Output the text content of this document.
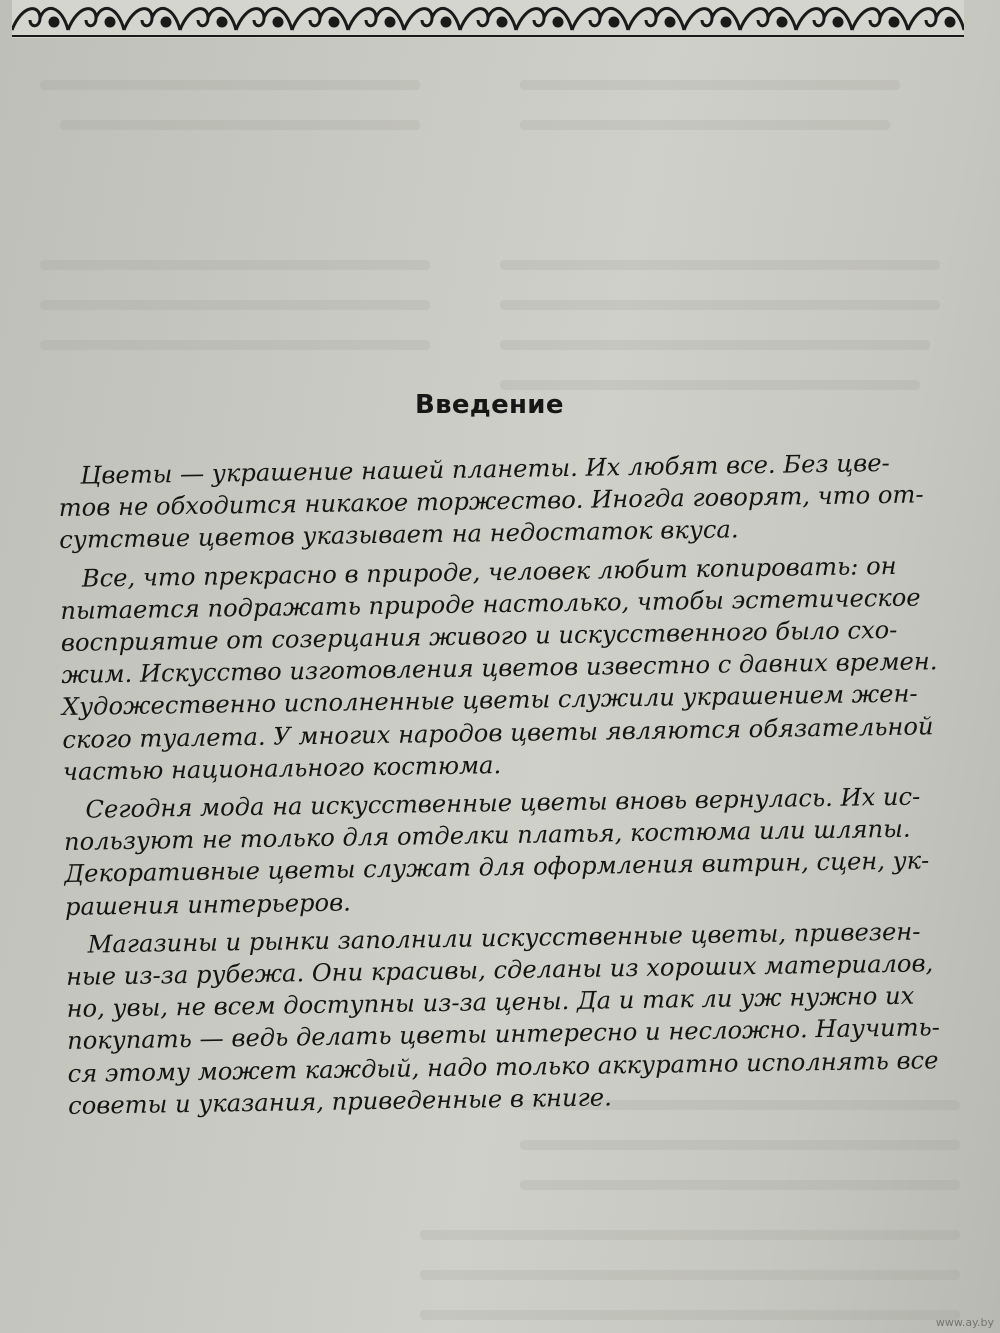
Введение

Цветы — украшение нашей планеты. Их любят все. Без цве-
тов не обходится никакое торжество. Иногда говорят, что от-
сутствие цветов указывает на недостаток вкуса.

Все, что прекрасно в природе, человек любит копировать: он
пытается подражать природе настолько, чтобы эстетическое
восприятие от созерцания живого и искусственного было схо-
жим. Искусство изготовления цветов известно с давних времен.
Художественно исполненные цветы служили украшением жен-
ского туалета. У многих народов цветы являются обязательной
частью национального костюма.

Сегодня мода на искусственные цветы вновь вернулась. Их ис-
пользуют не только для отделки платья, костюма или шляпы.
Декоративные цветы служат для оформления витрин, сцен, ук-
рашения интерьеров.

Магазины и рынки заполнили искусственные цветы, привезен-
ные из-за рубежа. Они красивы, сделаны из хороших материалов,
но, увы, не всем доступны из-за цены. Да и так ли уж нужно их
покупать — ведь делать цветы интересно и несложно. Научить-
ся этому может каждый, надо только аккуратно исполнять все
советы и указания, приведенные в книге.

www.ay.by
